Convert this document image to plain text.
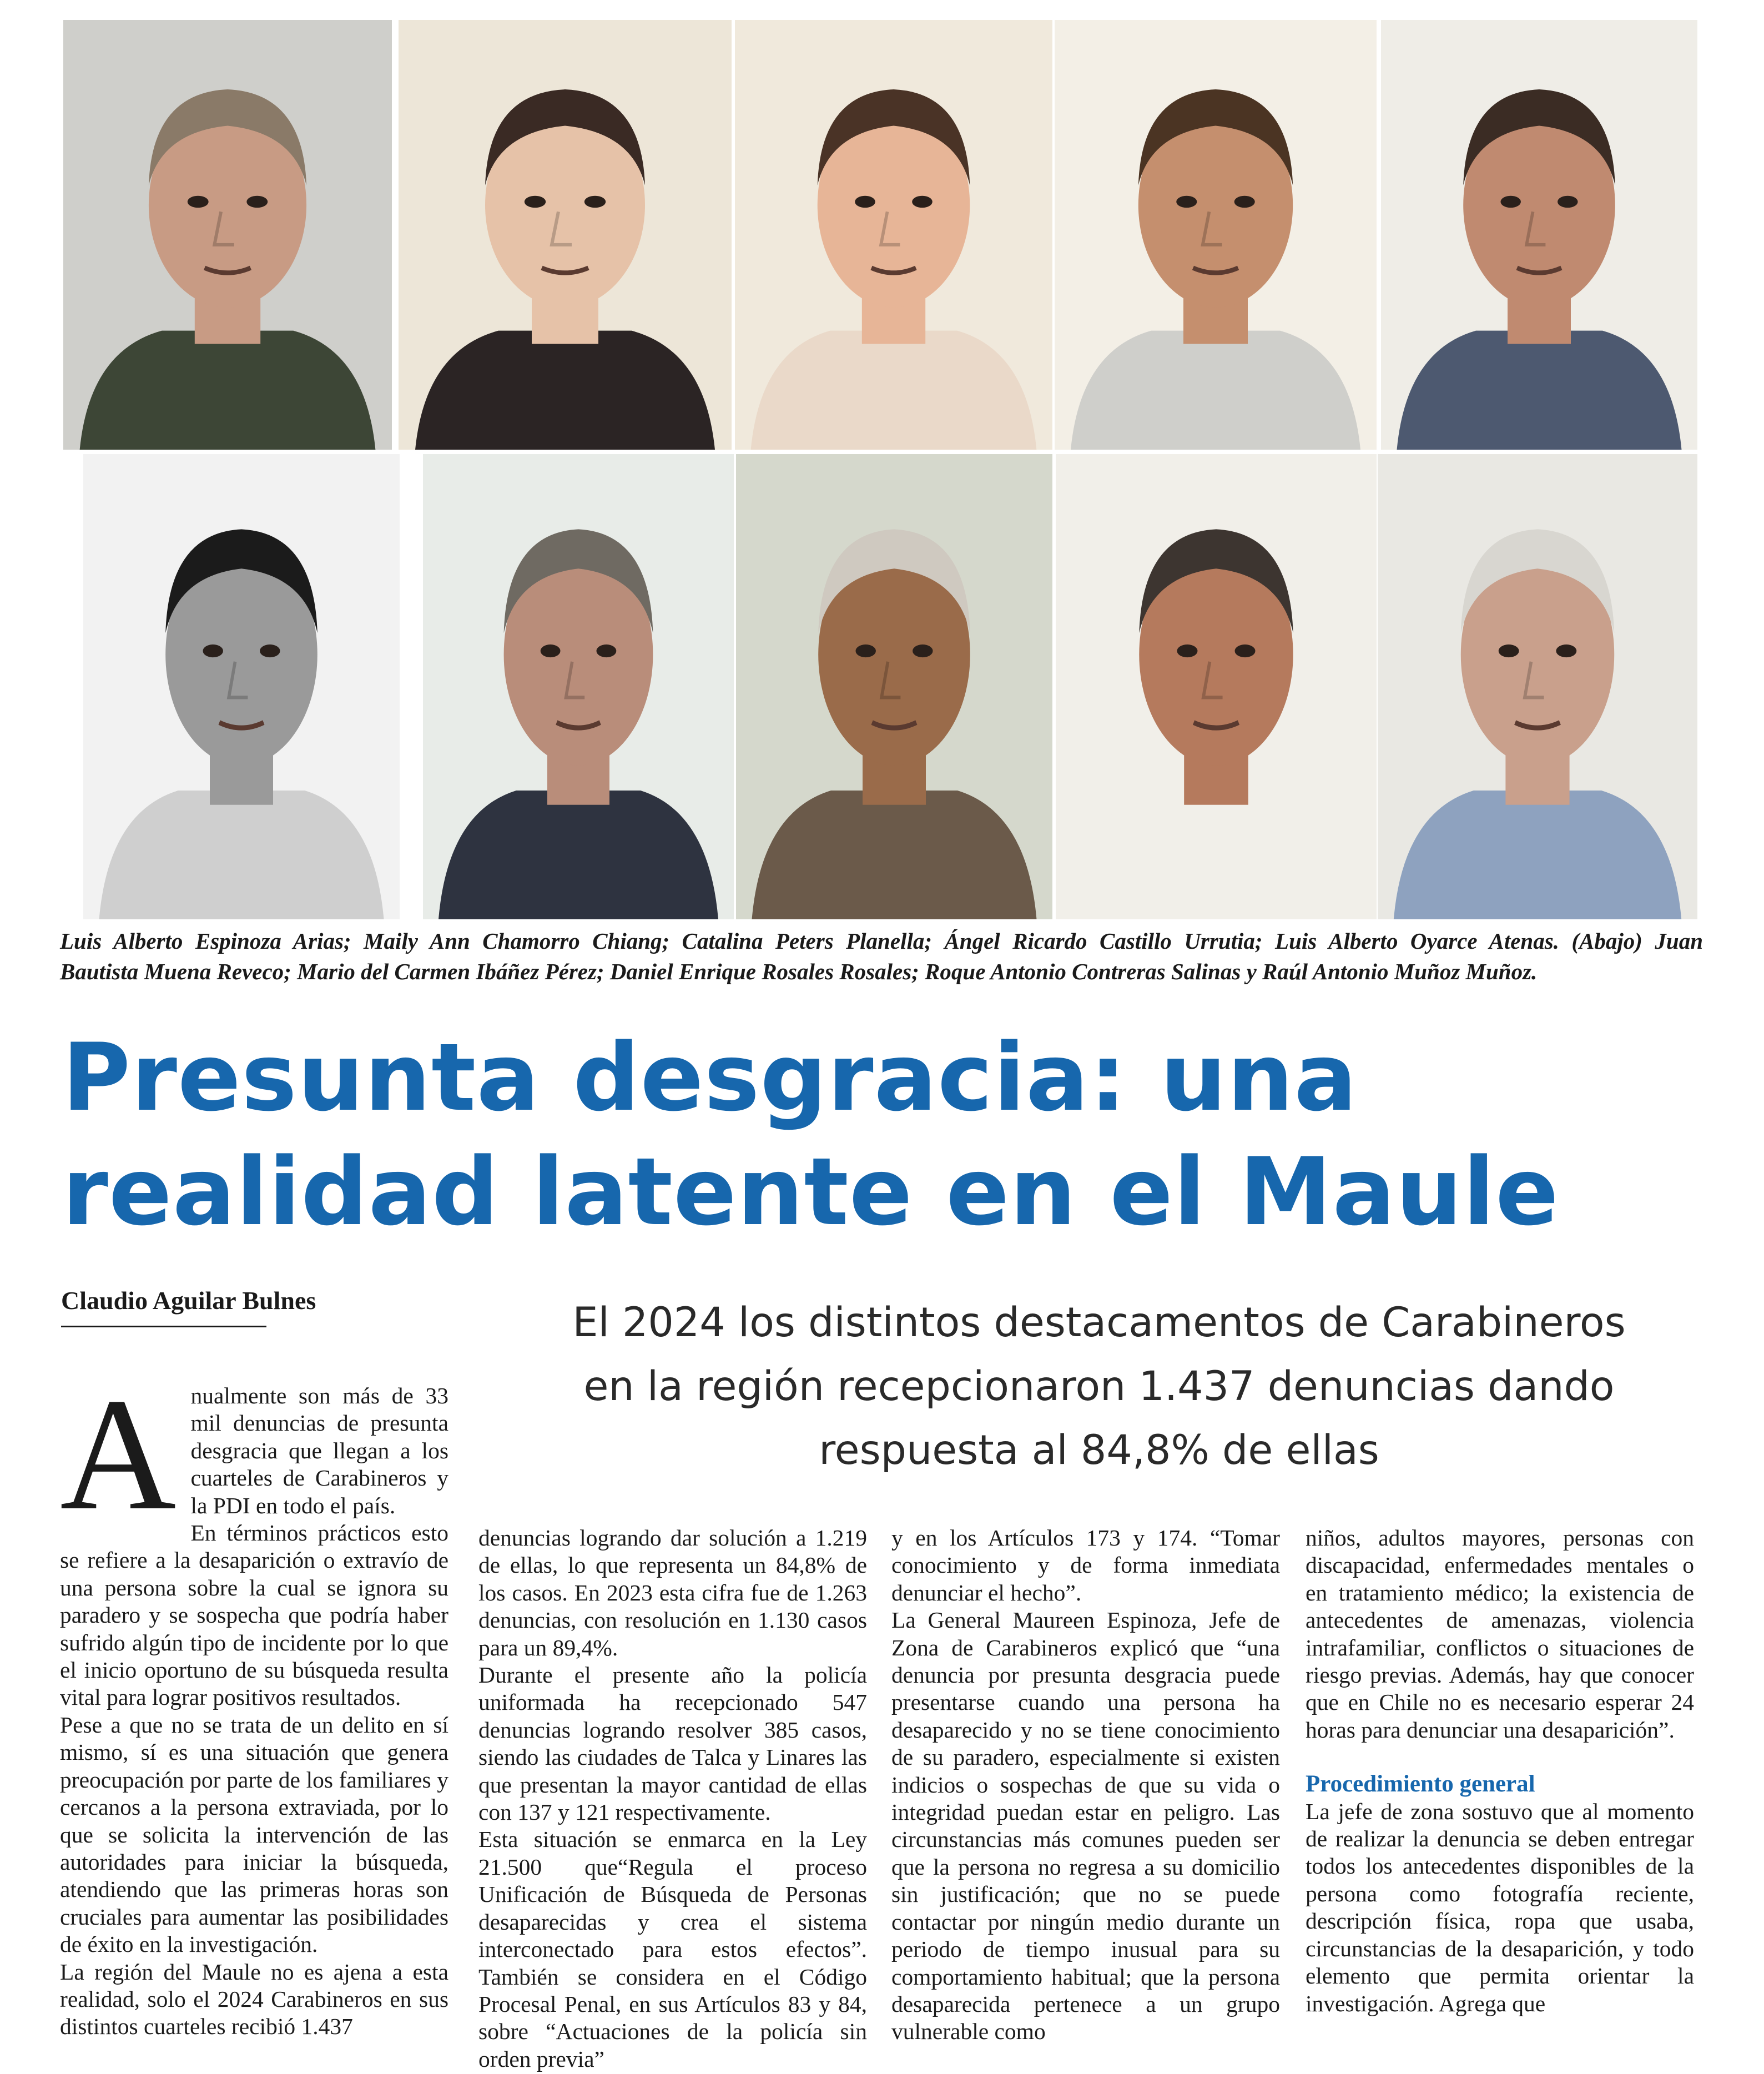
Luis Alberto Espinoza Arias; Maily Ann Chamorro Chiang; Catalina Peters Planella; Ángel Ricardo Castillo Urrutia; Luis Alberto Oyarce Atenas. (Abajo) Juan
Bautista Muena Reveco; Mario del Carmen Ibáñez Pérez; Daniel Enrique Rosales Rosales; Roque Antonio Contreras Salinas y Raúl Antonio Muñoz Muñoz.
Presunta desgracia: una
realidad latente en el Maule
Claudio Aguilar Bulnes	El 2024 los distintos destacamentos de Carabineros
en la región recepcionaron 1.437 denuncias dando
respuesta al 84,8% de ellas

Anualmente son más de 33 mil denuncias de presunta desgracia que llegan a los cuarteles de Carabineros y la PDI en todo el país.

En términos prácticos esto se refiere a la desaparición o extravío de una persona sobre la cual se ignora su paradero y se sospecha que podría haber sufrido algún tipo de incidente por lo que el inicio oportuno de su búsqueda resulta vital para lograr positivos resultados.

Pese a que no se trata de un delito en sí mismo, sí es una situación que genera preocupación por parte de los familiares y cercanos a la persona extraviada, por lo que se solicita la intervención de las autoridades para iniciar la búsqueda, atendiendo que las primeras horas son cruciales para aumentar las posibilidades de éxito en la investigación.

La región del Maule no es ajena a esta realidad, solo el 2024 Carabineros en sus distintos cuarteles recibió 1.437

denuncias logrando dar solución a 1.219 de ellas, lo que representa un 84,8% de los casos. En 2023 esta cifra fue de 1.263 denuncias, con resolución en 1.130 casos para un 89,4%.

Durante el presente año la policía uniformada ha recepcionado 547 denuncias logrando resolver 385 casos, siendo las ciudades de Talca y Linares las que presentan la mayor cantidad de ellas con 137 y 121 respectivamente.

Esta situación se enmarca en la Ley 21.500 que“Regula el proceso Unificación de Búsqueda de Personas desaparecidas y crea el sistema interconectado para estos efectos”. También se considera en el Código Procesal Penal, en sus Artículos 83 y 84, sobre “Actuaciones de la policía sin orden previa”

y en los Artículos 173 y 174. “Tomar conocimiento y de forma inmediata denunciar el hecho”.

La General Maureen Espinoza, Jefe de Zona de Carabineros explicó que “una denuncia por presunta desgracia puede presentarse cuando una persona ha desaparecido y no se tiene conocimiento de su paradero, especialmente si existen indicios o sospechas de que su vida o integridad puedan estar en peligro. Las circunstancias más comunes pueden ser que la persona no regresa a su domicilio sin justificación; que no se puede contactar por ningún medio durante un periodo de tiempo inusual para su comportamiento habitual; que la persona desaparecida pertenece a un grupo vulnerable como

niños, adultos mayores, personas con discapacidad, enfermedades mentales o en tratamiento médico; la existencia de antecedentes de amenazas, violencia intrafamiliar, conflictos o situaciones de riesgo previas. Además, hay que conocer que en Chile no es necesario esperar 24 horas para denunciar una desaparición”.

Procedimiento general

La jefe de zona sostuvo que al momento de realizar la denuncia se deben entregar todos los antecedentes disponibles de la persona como fotografía reciente, descripción física, ropa que usaba, circunstancias de la desaparición, y todo elemento que permita orientar la investigación. Agrega que
